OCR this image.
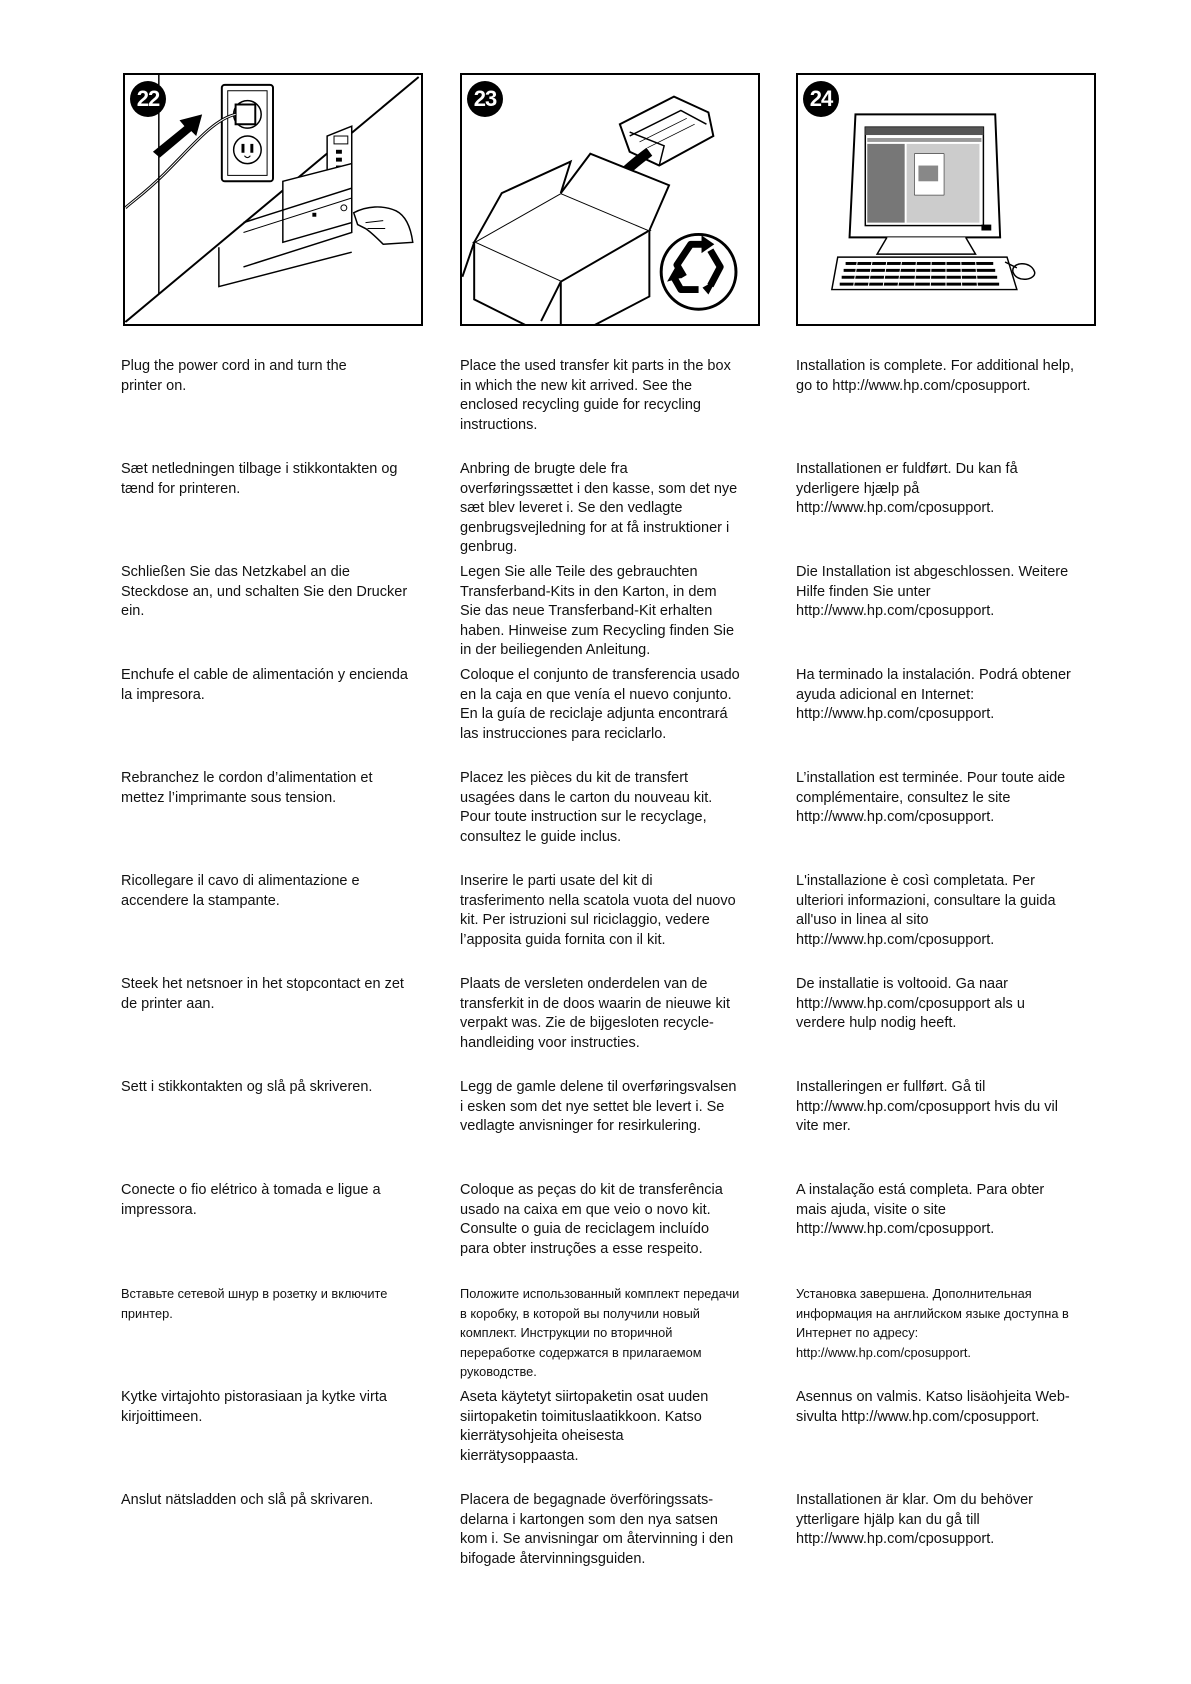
22	23	24
Plug the power cord in and turn the
printer on.
Sæt netledningen tilbage i stikkontakten og
tænd for printeren.
Schließen Sie das Netzkabel an die
Steckdose an, und schalten Sie den Drucker
ein.
Enchufe el cable de alimentación y encienda
la impresora.
Rebranchez le cordon d’alimentation et
mettez l’imprimante sous tension.
Ricollegare il cavo di alimentazione e
accendere la stampante.
Steek het netsnoer in het stopcontact en zet
de printer aan.
Sett i stikkontakten og slå på skriveren.
Conecte o fio elétrico à tomada e ligue a
impressora.
Вставьте сетевой шнур в розетку и включите
принтер.
Kytke virtajohto pistorasiaan ja kytke virta
kirjoittimeen.
Anslut nätsladden och slå på skrivaren.
Place the used transfer kit parts in the box
in which the new kit arrived. See the
enclosed recycling guide for recycling
instructions.
Anbring de brugte dele fra
overføringssættet i den kasse, som det nye
sæt blev leveret i. Se den vedlagte
genbrugsvejledning for at få instruktioner i
genbrug.
Legen Sie alle Teile des gebrauchten
Transferband-Kits in den Karton, in dem
Sie das neue Transferband-Kit erhalten
haben. Hinweise zum Recycling finden Sie
in der beiliegenden Anleitung.
Coloque el conjunto de transferencia usado
en la caja en que venía el nuevo conjunto.
En la guía de reciclaje adjunta encontrará
las instrucciones para reciclarlo.
Placez les pièces du kit de transfert
usagées dans le carton du nouveau kit.
Pour toute instruction sur le recyclage,
consultez le guide inclus.
Inserire le parti usate del kit di
trasferimento nella scatola vuota del nuovo
kit. Per istruzioni sul riciclaggio, vedere
l’apposita guida fornita con il kit.
Plaats de versleten onderdelen van de
transferkit in de doos waarin de nieuwe kit
verpakt was. Zie de bijgesloten recycle-
handleiding voor instructies.
Legg de gamle delene til overføringsvalsen
i esken som det nye settet ble levert i. Se
vedlagte anvisninger for resirkulering.
Coloque as peças do kit de transferência
usado na caixa em que veio o novo kit.
Consulte o guia de reciclagem incluído
para obter instruções a esse respeito.
Положите использованный комплект передачи
в коробку, в которой вы получили новый
комплект. Инструкции по вторичной
переработке содержатся в прилагаемом
руководстве.
Aseta käytetyt siirtopaketin osat uuden
siirtopaketin toimituslaatikkoon. Katso
kierrätysohjeita oheisesta
kierrätysoppaasta.
Placera de begagnade överföringssats-
delarna i kartongen som den nya satsen
kom i. Se anvisningar om återvinning i den
bifogade återvinningsguiden.
Installation is complete. For additional help,
go to http://www.hp.com/cposupport.
Installationen er fuldført. Du kan få
yderligere hjælp på
http://www.hp.com/cposupport.
Die Installation ist abgeschlossen. Weitere
Hilfe finden Sie unter
http://www.hp.com/cposupport.
Ha terminado la instalación. Podrá obtener
ayuda adicional en Internet:
http://www.hp.com/cposupport.
L’installation est terminée. Pour toute aide
complémentaire, consultez le site
http://www.hp.com/cposupport.
L'installazione è così completata. Per
ulteriori informazioni, consultare la guida
all'uso in linea al sito
http://www.hp.com/cposupport.
De installatie is voltooid. Ga naar
http://www.hp.com/cposupport als u
verdere hulp nodig heeft.
Installeringen er fullført. Gå til
http://www.hp.com/cposupport hvis du vil
vite mer.
A instalação está completa. Para obter
mais ajuda, visite o site
http://www.hp.com/cposupport.
Установка завершена. Дополнительная
информация на английском языке доступна в
Интернет по адресу:
http://www.hp.com/cposupport.
Asennus on valmis. Katso lisäohjeita Web-
sivulta http://www.hp.com/cposupport.
Installationen är klar. Om du behöver
ytterligare hjälp kan du gå till
http://www.hp.com/cposupport.
